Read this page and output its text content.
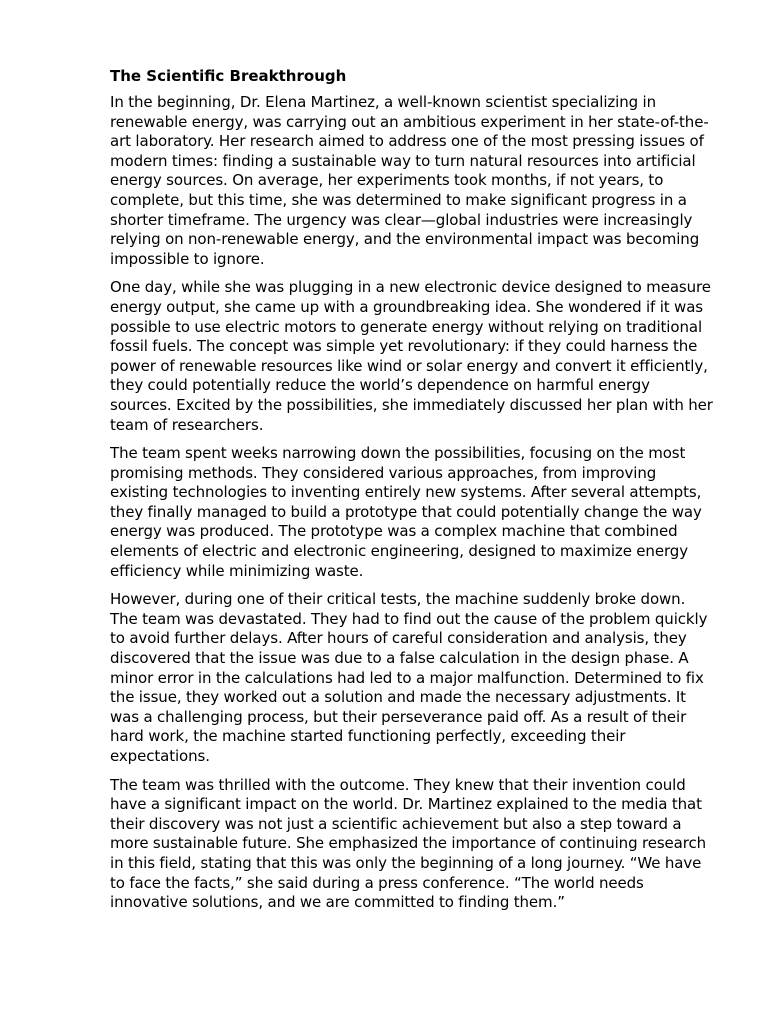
The Scientific Breakthrough

In the beginning, Dr. Elena Martinez, a well-known scientist specializing in renewable energy, was carrying out an ambitious experiment in her state-of-the-art laboratory. Her research aimed to address one of the most pressing issues of modern times: finding a sustainable way to turn natural resources into artificial energy sources. On average, her experiments took months, if not years, to complete, but this time, she was determined to make significant progress in a shorter timeframe. The urgency was clear—global industries were increasingly relying on non-renewable energy, and the environmental impact was becoming impossible to ignore.

One day, while she was plugging in a new electronic device designed to measure energy output, she came up with a groundbreaking idea. She wondered if it was possible to use electric motors to generate energy without relying on traditional fossil fuels. The concept was simple yet revolutionary: if they could harness the power of renewable resources like wind or solar energy and convert it efficiently, they could potentially reduce the world’s dependence on harmful energy sources. Excited by the possibilities, she immediately discussed her plan with her team of researchers.

The team spent weeks narrowing down the possibilities, focusing on the most promising methods. They considered various approaches, from improving existing technologies to inventing entirely new systems. After several attempts, they finally managed to build a prototype that could potentially change the way energy was produced. The prototype was a complex machine that combined elements of electric and electronic engineering, designed to maximize energy efficiency while minimizing waste.

However, during one of their critical tests, the machine suddenly broke down. The team was devastated. They had to find out the cause of the problem quickly to avoid further delays. After hours of careful consideration and analysis, they discovered that the issue was due to a false calculation in the design phase. A minor error in the calculations had led to a major malfunction. Determined to fix the issue, they worked out a solution and made the necessary adjustments. It was a challenging process, but their perseverance paid off. As a result of their hard work, the machine started functioning perfectly, exceeding their expectations.

The team was thrilled with the outcome. They knew that their invention could have a significant impact on the world. Dr. Martinez explained to the media that their discovery was not just a scientific achievement but also a step toward a more sustainable future. She emphasized the importance of continuing research in this field, stating that this was only the beginning of a long journey. “We have to face the facts,” she said during a press conference. “The world needs innovative solutions, and we are committed to finding them.”
